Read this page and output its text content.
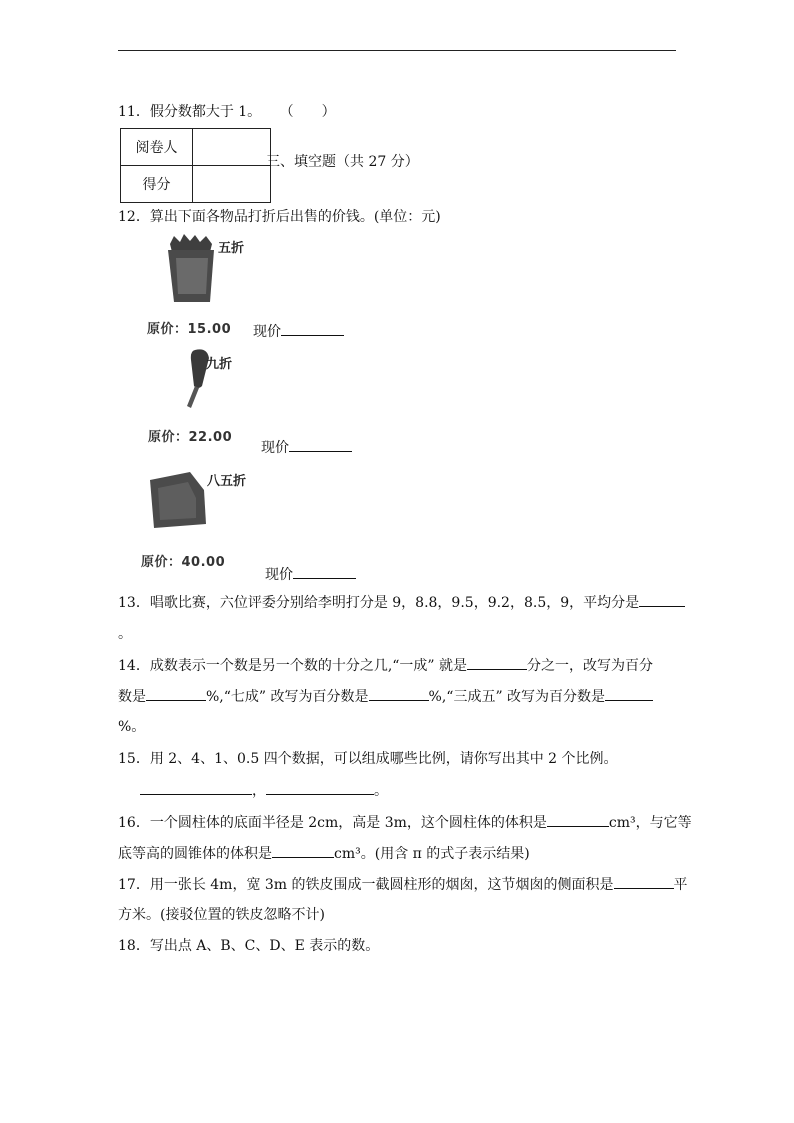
11．假分数都大于 1。 （　　）
阅卷人	
得分	
三、填空题（共 27 分）
12．算出下面各物品打折后出售的价钱。(单位：元)
五折
原价：15.00 现价
九折
原价：22.00
现价
八五折
原价：40.00
现价
13．唱歌比赛，六位评委分别给李明打分是 9，8.8，9.5，9.2，8.5，9，平均分是
。
14．成数表示一个数是另一个数的十分之几,“一成” 就是	分之一，改写为百分
数是	%,“七成” 改写为百分数是	%,“三成五” 改写为百分数是
%。
15．用 2、4、1、0.5 四个数据，可以组成哪些比例，请你写出其中 2 个比例。
，	。
16．一个圆柱体的底面半径是 2cm，高是 3m，这个圆柱体的体积是	cm³，与它等
底等高的圆锥体的体积是	cm³。(用含 π 的式子表示结果)
17．用一张长 4m，宽 3m 的铁皮围成一截圆柱形的烟囱，这节烟囱的侧面积是	平
方米。(接驳位置的铁皮忽略不计)
18．写出点 A、B、C、D、E 表示的数。
